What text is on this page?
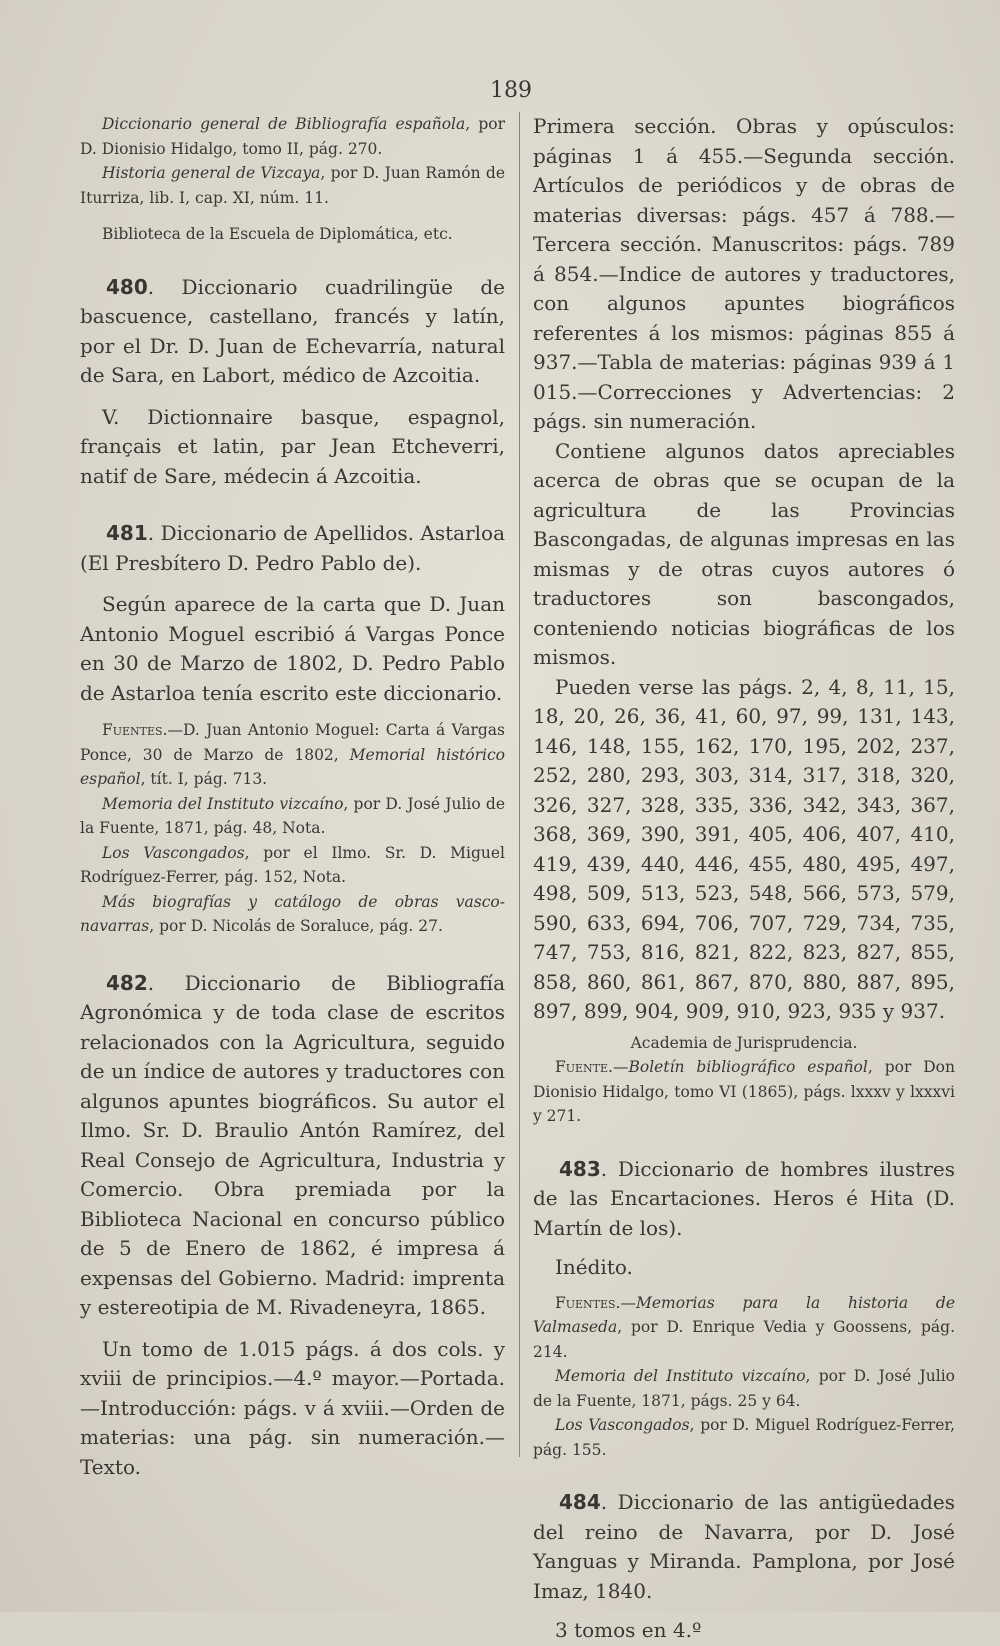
189

Diccionario general de Bibliografía española, por D. Dionisio Hidalgo, tomo II, pág. 270.

Historia general de Vizcaya, por D. Juan Ramón de Iturriza, lib. I, cap. XI, núm. 11.

Biblioteca de la Escuela de Diplomática, etc.

480. Diccionario cuadrilingüe de bascuence, castellano, francés y latín, por el Dr. D. Juan de Echevarría, natural de Sara, en Labort, médico de Azcoitia.

V. Dictionnaire basque, espagnol, français et latin, par Jean Etcheverri, natif de Sare, médecin á Azcoitia.

481. Diccionario de Apellidos. Astarloa (El Presbítero D. Pedro Pablo de).

Según aparece de la carta que D. Juan Antonio Moguel escribió á Vargas Ponce en 30 de Marzo de 1802, D. Pedro Pablo de Astarloa tenía escrito este diccionario.

Fuentes.—D. Juan Antonio Moguel: Carta á Vargas Ponce, 30 de Marzo de 1802, Memorial histórico español, tít. I, pág. 713.

Memoria del Instituto vizcaíno, por D. José Julio de la Fuente, 1871, pág. 48, Nota.

Los Vascongados, por el Ilmo. Sr. D. Miguel Rodríguez-Ferrer, pág. 152, Nota.

Más biografías y catálogo de obras vasco-navarras, por D. Nicolás de Soraluce, pág. 27.

482. Diccionario de Bibliografía Agronómica y de toda clase de escritos relacionados con la Agricultura, seguido de un índice de autores y traductores con algunos apuntes biográficos. Su autor el Ilmo. Sr. D. Braulio Antón Ramírez, del Real Consejo de Agricultura, Industria y Comercio. Obra premiada por la Biblioteca Nacional en concurso público de 5 de Enero de 1862, é impresa á expensas del Gobierno. Madrid: imprenta y estereotipia de M. Rivadeneyra, 1865.

Un tomo de 1.015 págs. á dos cols. y xviii de principios.—4.º mayor.—Portada.—Introducción: págs. v á xviii.—Orden de materias: una pág. sin numeración.—Texto.

Primera sección. Obras y opúsculos: páginas 1 á 455.—Segunda sección. Artículos de periódicos y de obras de materias diversas: págs. 457 á 788.—Tercera sección. Manuscritos: págs. 789 á 854.—Indice de autores y traductores, con algunos apuntes biográficos referentes á los mismos: páginas 855 á 937.—Tabla de materias: páginas 939 á 1 015.—Correcciones y Advertencias: 2 págs. sin numeración.

Contiene algunos datos apreciables acerca de obras que se ocupan de la agricultura de las Provincias Bascongadas, de algunas impresas en las mismas y de otras cuyos autores ó traductores son bascongados, conteniendo noticias biográficas de los mismos.

Pueden verse las págs. 2, 4, 8, 11, 15, 18, 20, 26, 36, 41, 60, 97, 99, 131, 143, 146, 148, 155, 162, 170, 195, 202, 237, 252, 280, 293, 303, 314, 317, 318, 320, 326, 327, 328, 335, 336, 342, 343, 367, 368, 369, 390, 391, 405, 406, 407, 410, 419, 439, 440, 446, 455, 480, 495, 497, 498, 509, 513, 523, 548, 566, 573, 579, 590, 633, 694, 706, 707, 729, 734, 735, 747, 753, 816, 821, 822, 823, 827, 855, 858, 860, 861, 867, 870, 880, 887, 895, 897, 899, 904, 909, 910, 923, 935 y 937.

Academia de Jurisprudencia.

Fuente.—Boletín bibliográfico español, por Don Dionisio Hidalgo, tomo VI (1865), págs. lxxxv y lxxxvi y 271.

483. Diccionario de hombres ilustres de las Encartaciones. Heros é Hita (D. Martín de los).

Inédito.

Fuentes.—Memorias para la historia de Valmaseda, por D. Enrique Vedia y Goossens, pág. 214.

Memoria del Instituto vizcaíno, por D. José Julio de la Fuente, 1871, págs. 25 y 64.

Los Vascongados, por D. Miguel Rodríguez-Ferrer, pág. 155.

484. Diccionario de las antigüedades del reino de Navarra, por D. José Yanguas y Miranda. Pamplona, por José Imaz, 1840.

3 tomos en 4.º
